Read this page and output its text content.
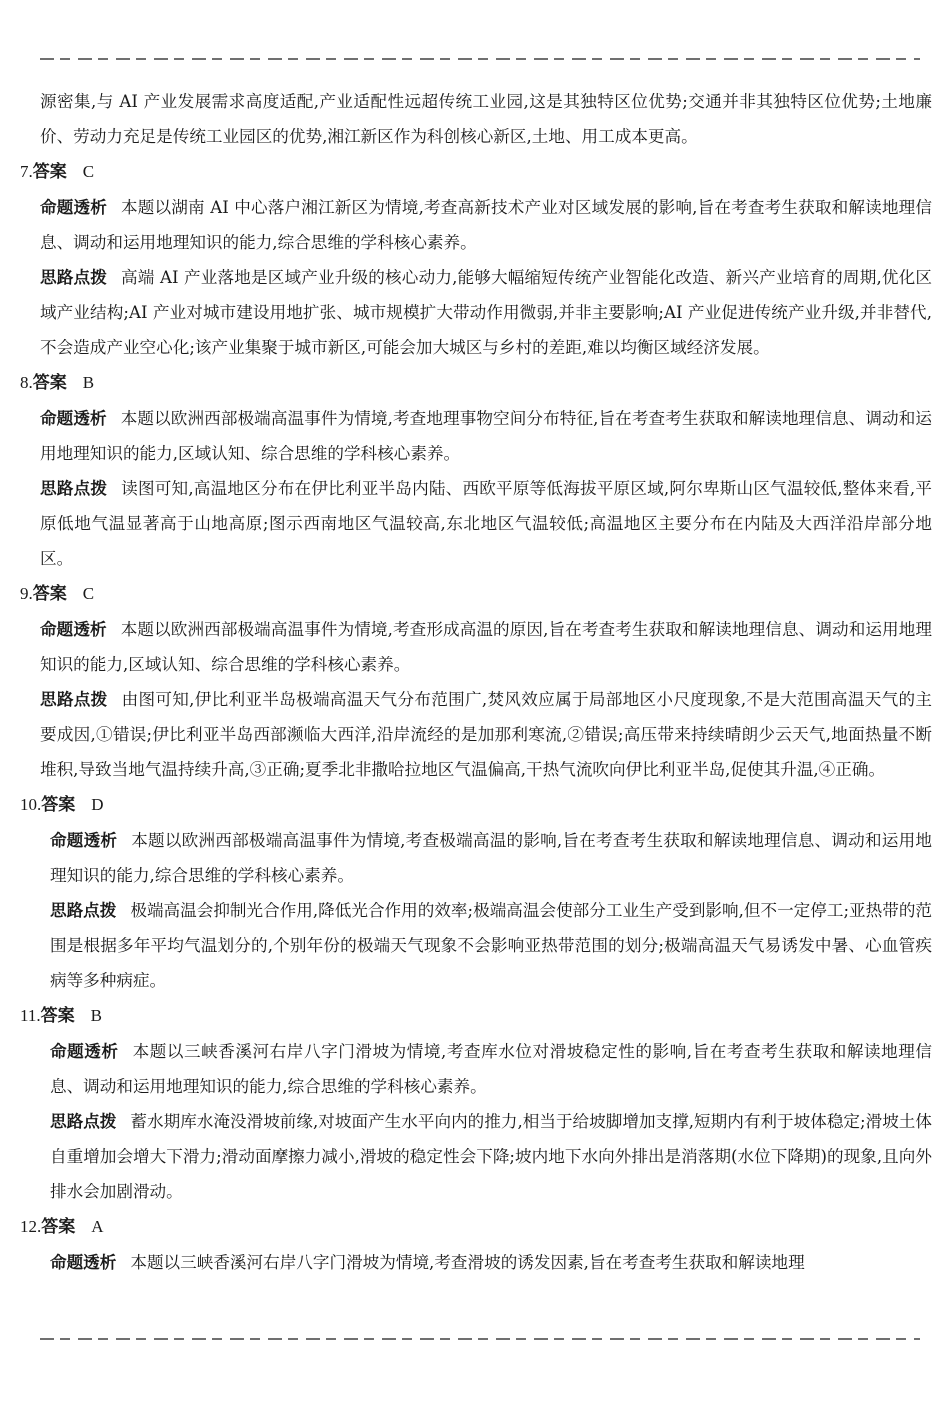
源密集,与 AI 产业发展需求高度适配,产业适配性远超传统工业园,这是其独特区位优势;交通并非其独特区位优势;土地廉价、劳动力充足是传统工业园区的优势,湘江新区作为科创核心新区,土地、用工成本更高。

7.答案 C

命题透析 本题以湖南 AI 中心落户湘江新区为情境,考查高新技术产业对区域发展的影响,旨在考查考生获取和解读地理信息、调动和运用地理知识的能力,综合思维的学科核心素养。

思路点拨 高端 AI 产业落地是区域产业升级的核心动力,能够大幅缩短传统产业智能化改造、新兴产业培育的周期,优化区域产业结构;AI 产业对城市建设用地扩张、城市规模扩大带动作用微弱,并非主要影响;AI 产业促进传统产业升级,并非替代,不会造成产业空心化;该产业集聚于城市新区,可能会加大城区与乡村的差距,难以均衡区域经济发展。

8.答案 B

命题透析 本题以欧洲西部极端高温事件为情境,考查地理事物空间分布特征,旨在考查考生获取和解读地理信息、调动和运用地理知识的能力,区域认知、综合思维的学科核心素养。

思路点拨 读图可知,高温地区分布在伊比利亚半岛内陆、西欧平原等低海拔平原区域,阿尔卑斯山区气温较低,整体来看,平原低地气温显著高于山地高原;图示西南地区气温较高,东北地区气温较低;高温地区主要分布在内陆及大西洋沿岸部分地区。

9.答案 C

命题透析 本题以欧洲西部极端高温事件为情境,考查形成高温的原因,旨在考查考生获取和解读地理信息、调动和运用地理知识的能力,区域认知、综合思维的学科核心素养。

思路点拨 由图可知,伊比利亚半岛极端高温天气分布范围广,焚风效应属于局部地区小尺度现象,不是大范围高温天气的主要成因,①错误;伊比利亚半岛西部濒临大西洋,沿岸流经的是加那利寒流,②错误;高压带来持续晴朗少云天气,地面热量不断堆积,导致当地气温持续升高,③正确;夏季北非撒哈拉地区气温偏高,干热气流吹向伊比利亚半岛,促使其升温,④正确。

10.答案 D

命题透析 本题以欧洲西部极端高温事件为情境,考查极端高温的影响,旨在考查考生获取和解读地理信息、调动和运用地理知识的能力,综合思维的学科核心素养。

思路点拨 极端高温会抑制光合作用,降低光合作用的效率;极端高温会使部分工业生产受到影响,但不一定停工;亚热带的范围是根据多年平均气温划分的,个别年份的极端天气现象不会影响亚热带范围的划分;极端高温天气易诱发中暑、心血管疾病等多种病症。

11.答案 B

命题透析 本题以三峡香溪河右岸八字门滑坡为情境,考查库水位对滑坡稳定性的影响,旨在考查考生获取和解读地理信息、调动和运用地理知识的能力,综合思维的学科核心素养。

思路点拨 蓄水期库水淹没滑坡前缘,对坡面产生水平向内的推力,相当于给坡脚增加支撑,短期内有利于坡体稳定;滑坡土体自重增加会增大下滑力;滑动面摩擦力减小,滑坡的稳定性会下降;坡内地下水向外排出是消落期(水位下降期)的现象,且向外排水会加剧滑动。

12.答案 A

命题透析 本题以三峡香溪河右岸八字门滑坡为情境,考查滑坡的诱发因素,旨在考查考生获取和解读地理
